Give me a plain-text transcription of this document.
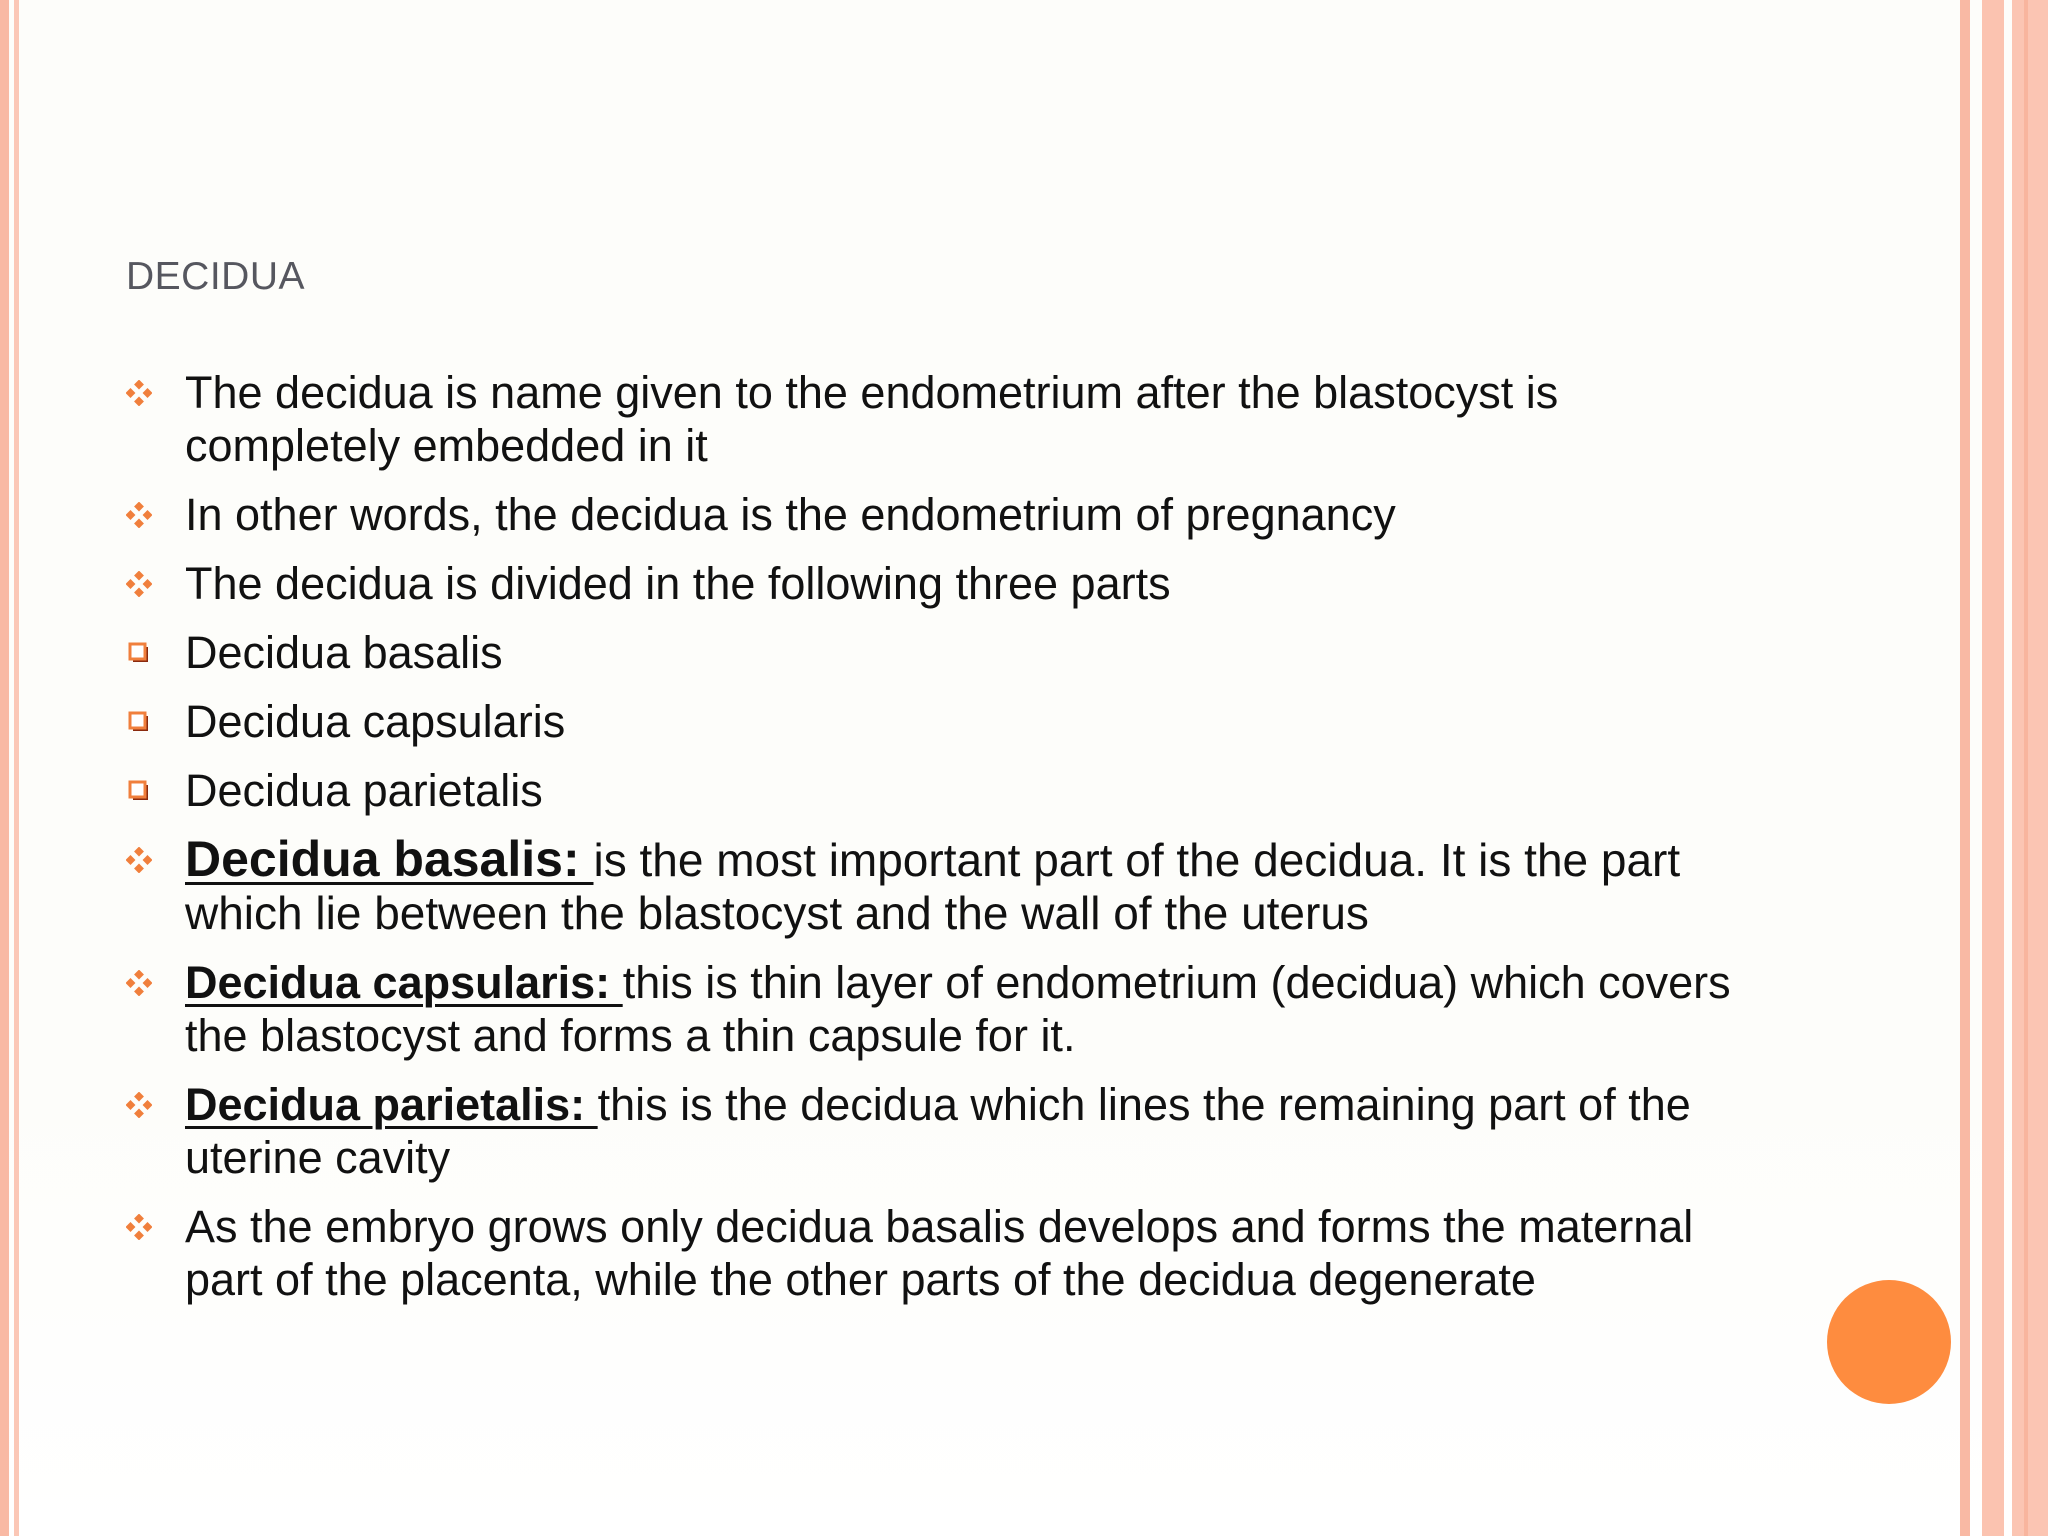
DECIDUA
The decidua is name given to the endometrium after the blastocyst is completely embedded in it
In other words, the decidua is the endometrium of pregnancy
The decidua is divided in the following three parts
Decidua basalis
Decidua capsularis
Decidua parietalis
Decidua basalis: is the most important part of the decidua. It is the part which lie between the blastocyst and the wall of the uterus
Decidua capsularis: this is thin layer of endometrium (decidua) which covers the blastocyst and forms a thin capsule for it.
Decidua parietalis: this is the decidua which lines the remaining part of the uterine cavity
As the embryo grows only decidua basalis develops and forms the maternal part of the placenta, while the other parts of the decidua degenerate
